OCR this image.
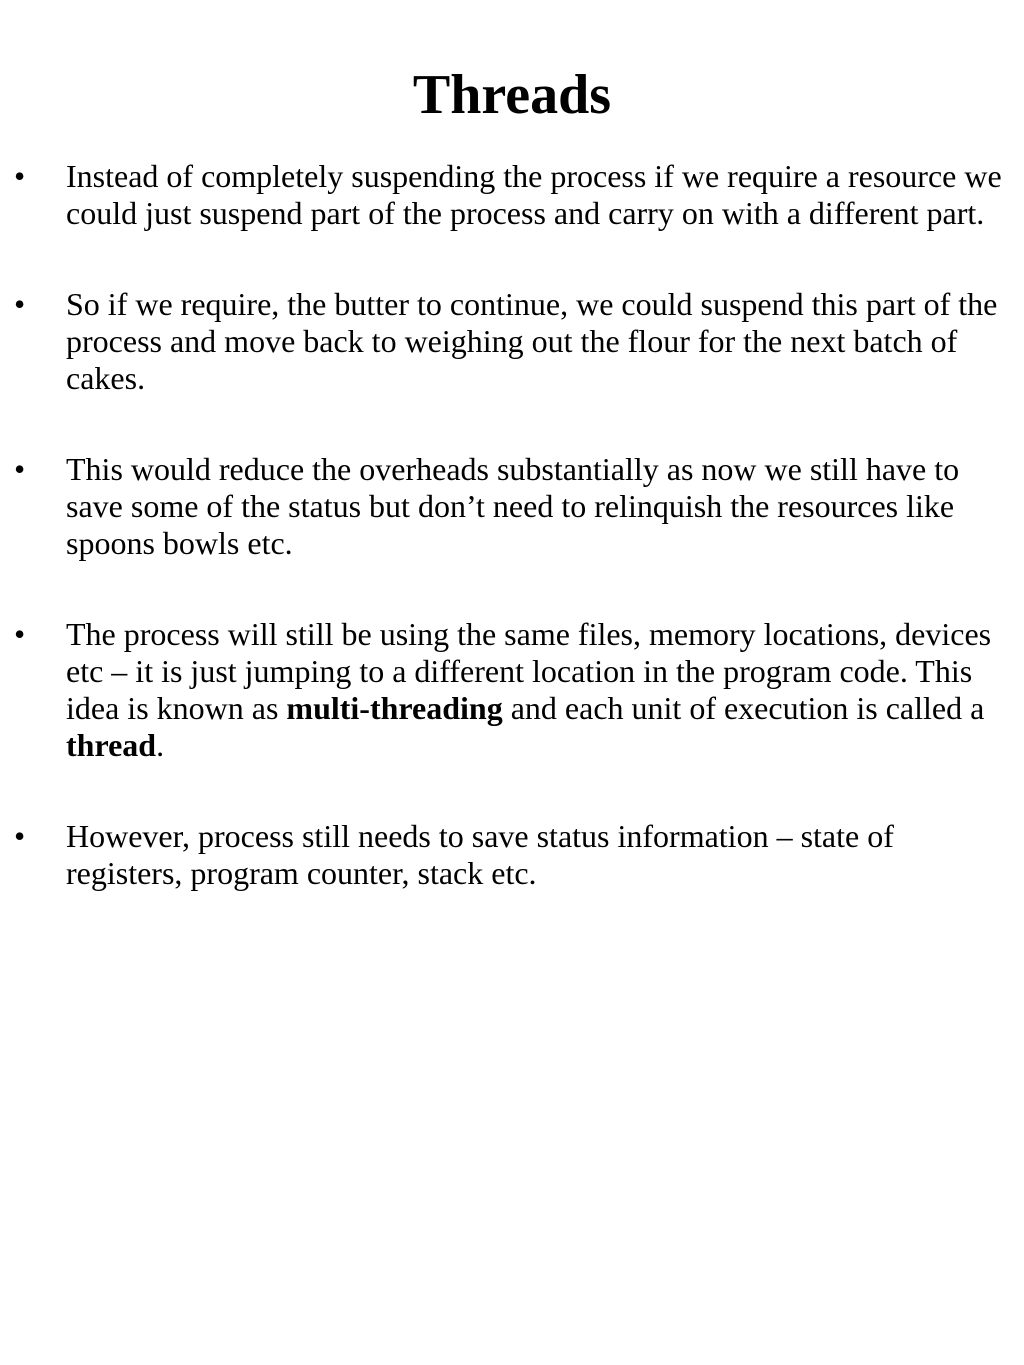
Threads
•	Instead of completely suspending the process if we require a resource we could just suspend part of the process and carry on with a different part.
•	So if we require, the butter to continue, we could suspend this part of the process and move back to weighing out the flour for the next batch of cakes.
•	This would reduce the overheads substantially as now we still have to save some of the status but don’t need to relinquish the resources like spoons bowls etc.
•	The process will still be using the same files, memory locations, devices etc – it is just jumping to a different location in the program code. This idea is known as multi-threading and each unit of execution is called a thread.
•	However, process still needs to save status information – state of registers, program counter, stack etc.
